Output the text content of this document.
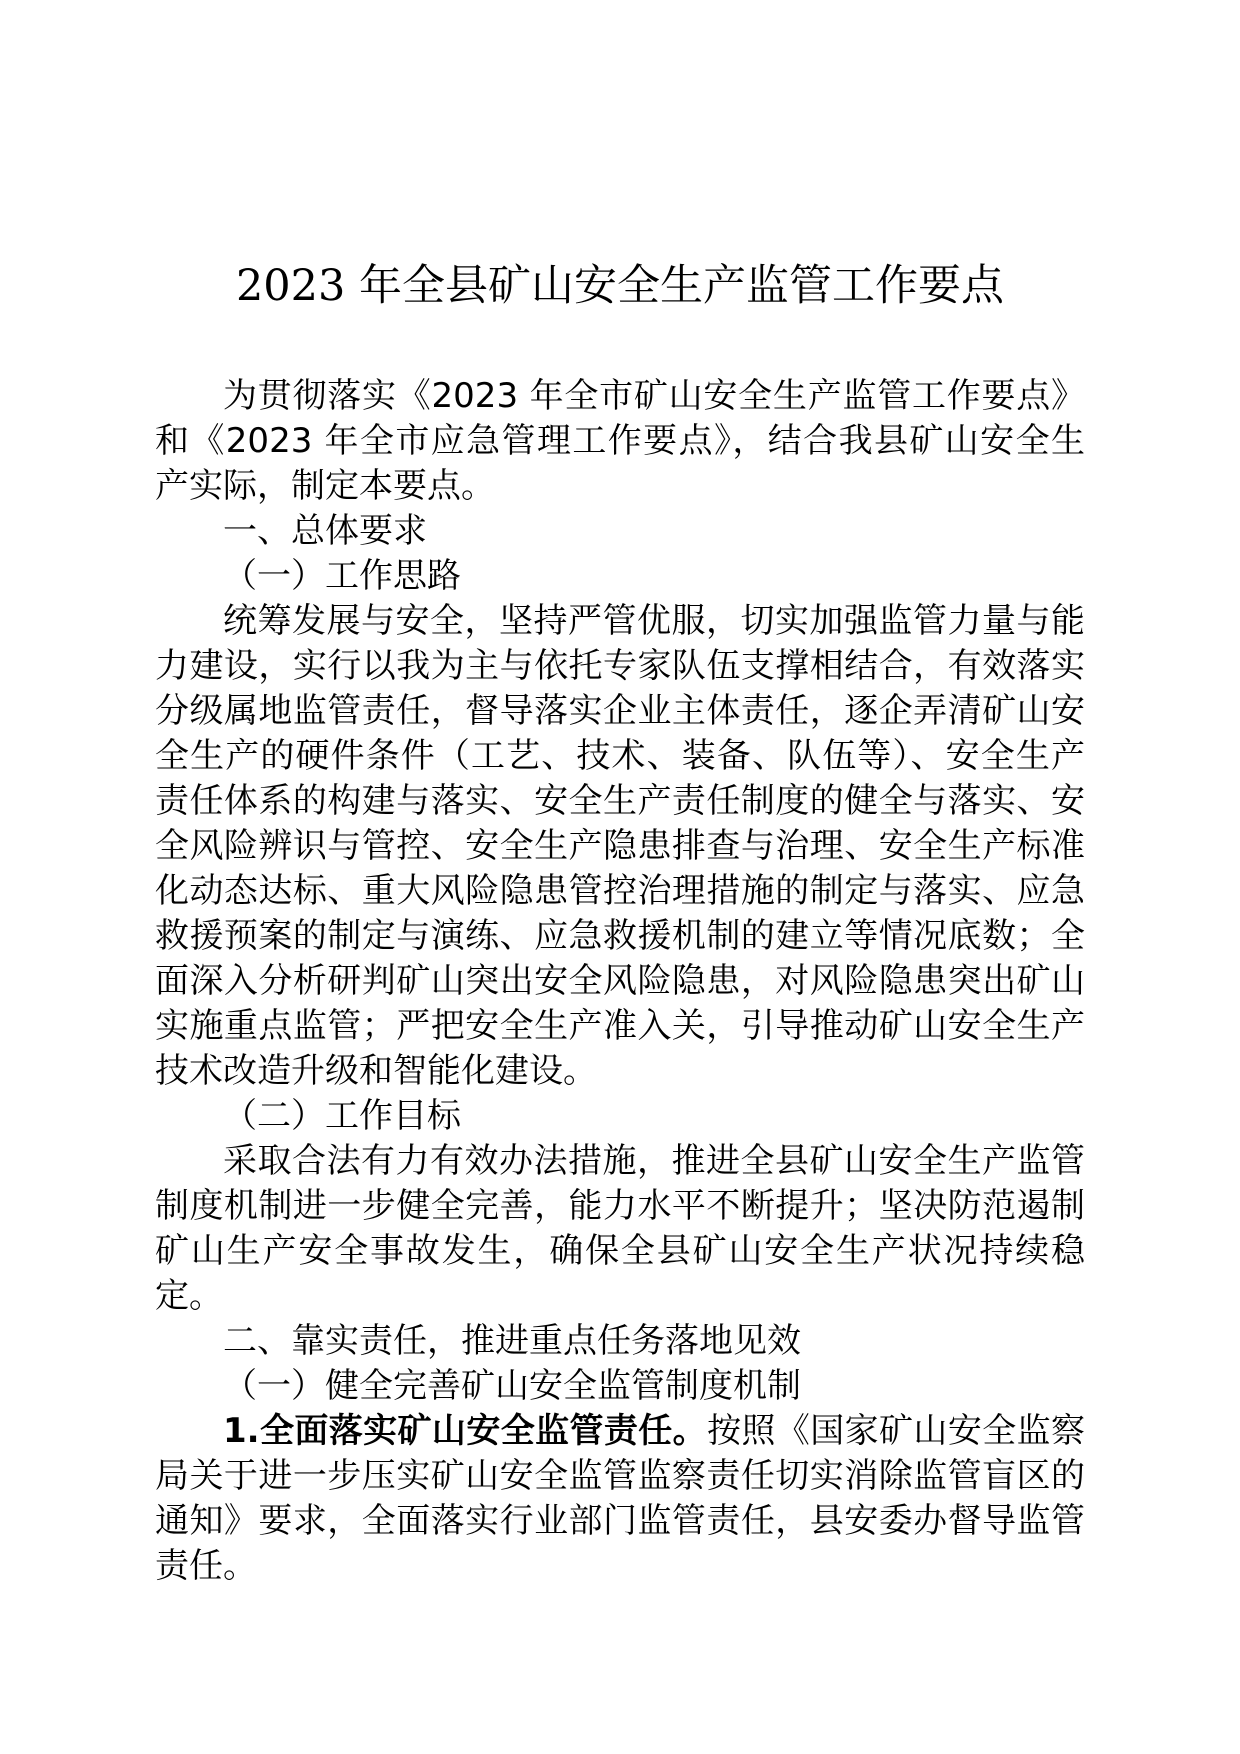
2023 年全县矿山安全生产监管工作要点

为贯彻落实《2023 年全市矿山安全生产监管工作要点》和《2023 年全市应急管理工作要点》，结合我县矿山安全生产实际，制定本要点。

一、总体要求

（一）工作思路

统筹发展与安全，坚持严管优服，切实加强监管力量与能力建设，实行以我为主与依托专家队伍支撑相结合，有效落实分级属地监管责任，督导落实企业主体责任，逐企弄清矿山安全生产的硬件条件（工艺、技术、装备、队伍等）、安全生产责任体系的构建与落实、安全生产责任制度的健全与落实、安全风险辨识与管控、安全生产隐患排查与治理、安全生产标准化动态达标、重大风险隐患管控治理措施的制定与落实、应急救援预案的制定与演练、应急救援机制的建立等情况底数；全面深入分析研判矿山突出安全风险隐患，对风险隐患突出矿山实施重点监管；严把安全生产准入关，引导推动矿山安全生产技术改造升级和智能化建设。

（二）工作目标

采取合法有力有效办法措施，推进全县矿山安全生产监管制度机制进一步健全完善，能力水平不断提升；坚决防范遏制矿山生产安全事故发生，确保全县矿山安全生产状况持续稳定。

二、靠实责任，推进重点任务落地见效

（一）健全完善矿山安全监管制度机制

1.全面落实矿山安全监管责任。按照《国家矿山安全监察局关于进一步压实矿山安全监管监察责任切实消除监管盲区的通知》要求，全面落实行业部门监管责任，县安委办督导监管责任。
